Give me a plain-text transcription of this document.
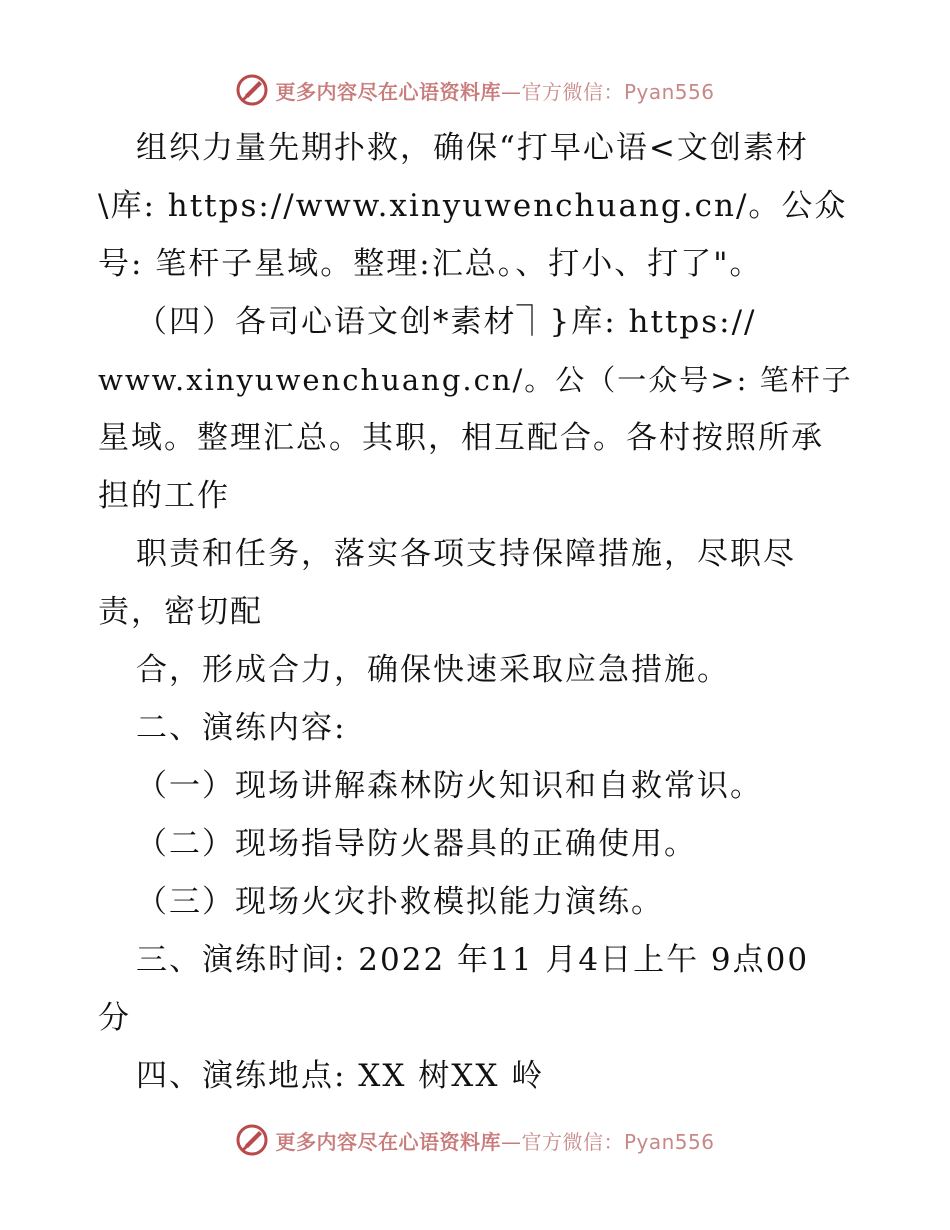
更多内容尽在心语资料库—官方微信：Pyan556
组织力量先期扑救，确保“打早心语<文创素材
\库: https://www.xinyuwenchuang.cn/。公众
号: 笔杆子星域。整理:汇总。、打小、打了"。
（四）各司心语文创*素材⏋}库: https://
www.xinyuwenchuang.cn/。公（一众号>: 笔杆子
星域。整理汇总。其职，相互配合。各村按照所承
担的工作
职责和任务，落实各项支持保障措施，尽职尽
责，密切配
合，形成合力，确保快速采取应急措施。
二、演练内容:
（一）现场讲解森林防火知识和自救常识。
（二）现场指导防火器具的正确使用。
（三）现场火灾扑救模拟能力演练。
三、演练时间: 2022 年11 月4日上午 9点00
分
四、演练地点: XX 树XX 岭
更多内容尽在心语资料库—官方微信：Pyan556
